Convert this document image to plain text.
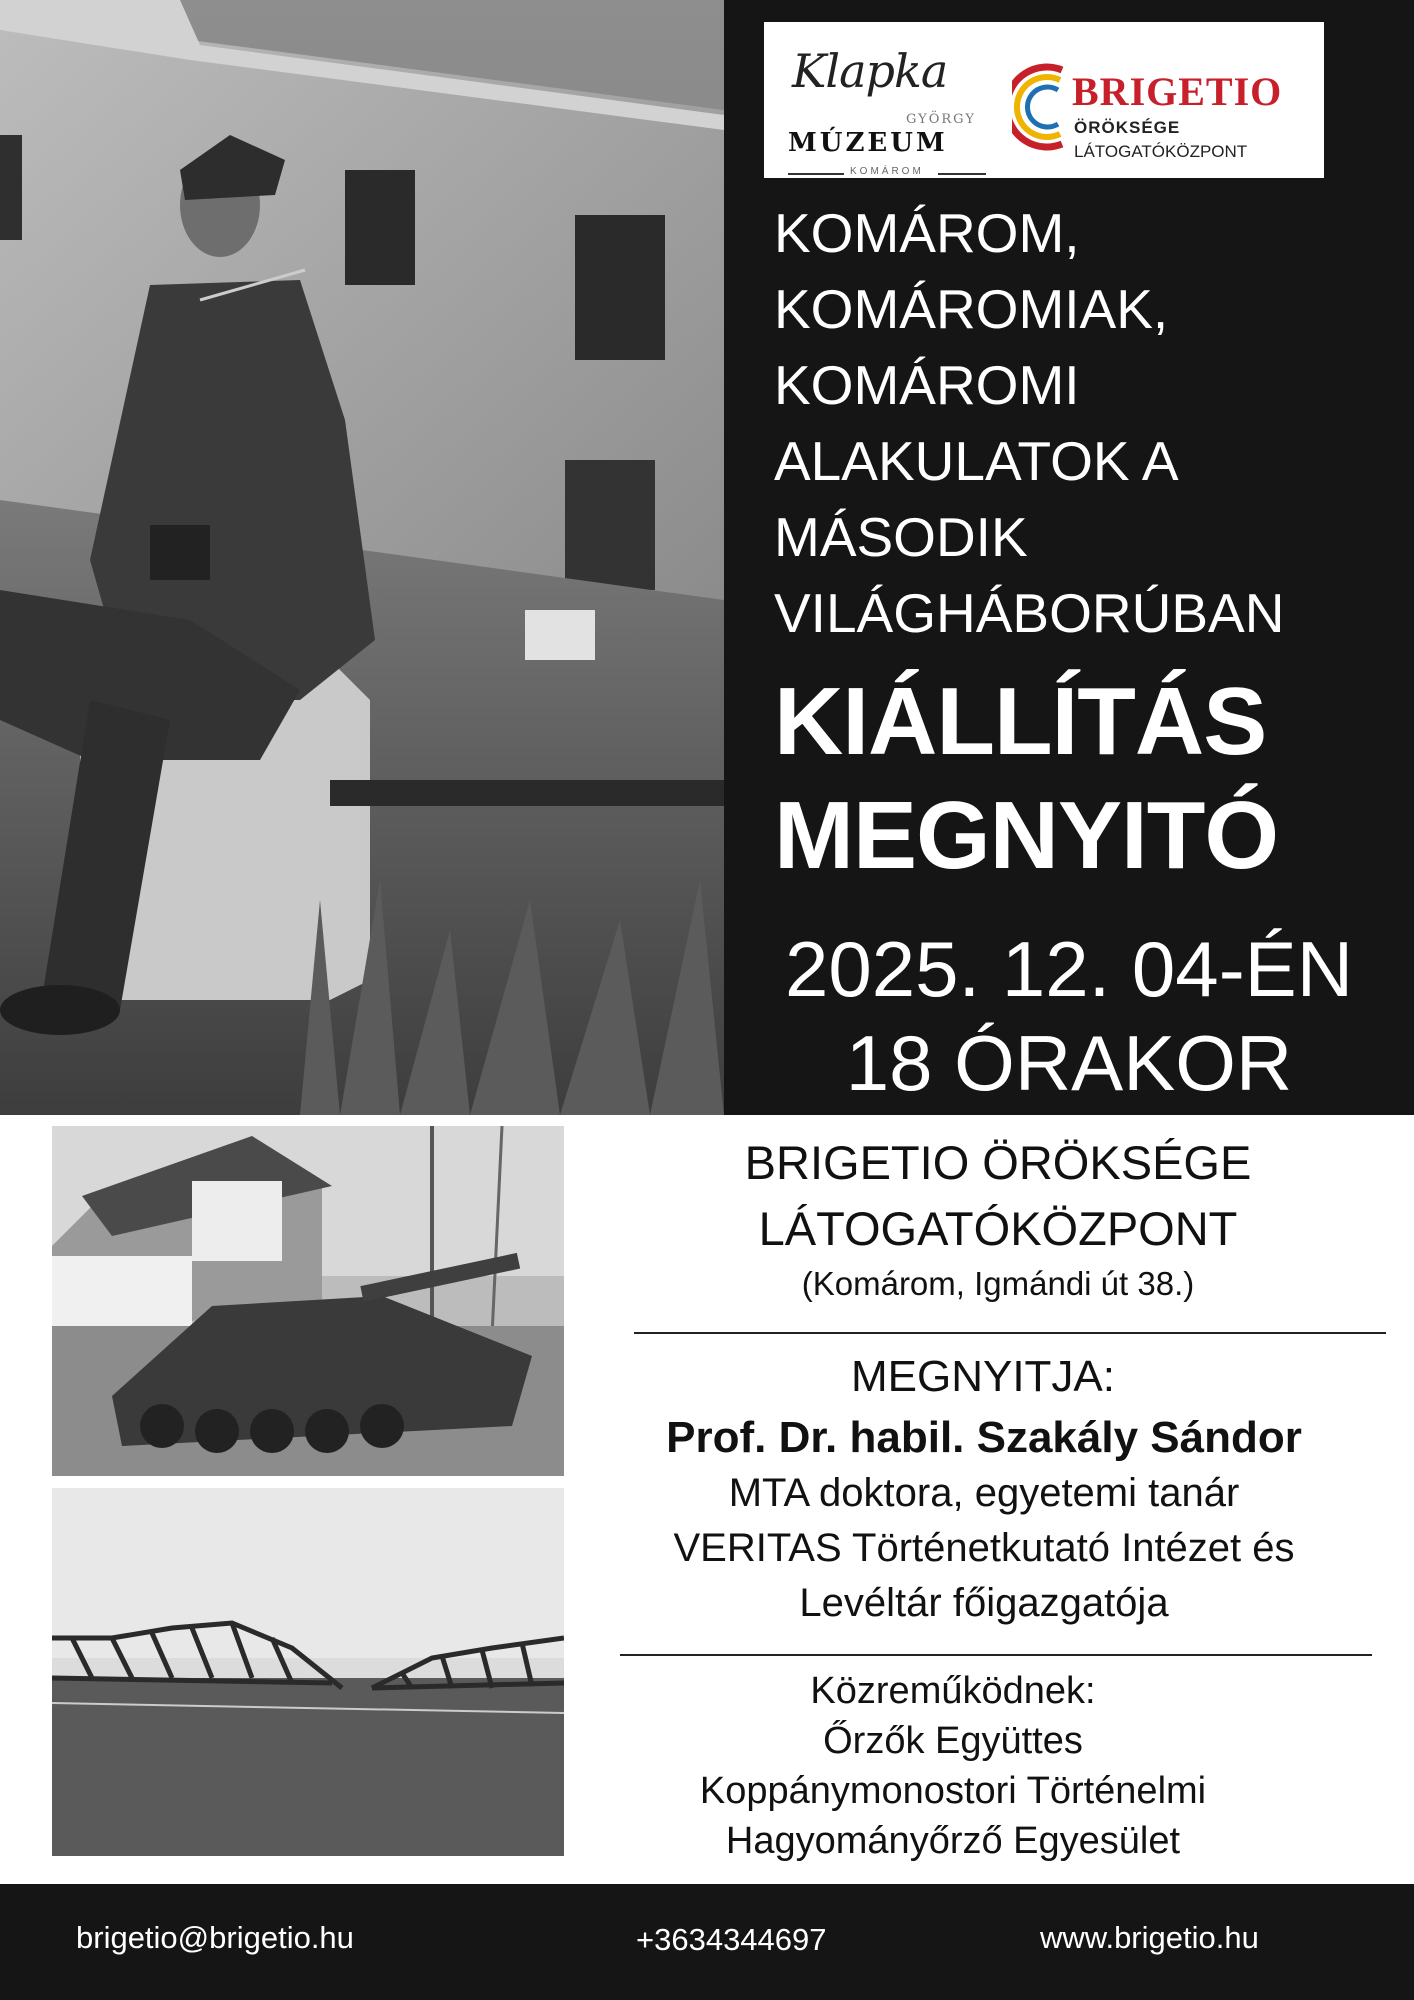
Klapka
GYÖRGY
MÚZEUM
KOMÁROM
BRIGETIO
ÖRÖKSÉGE
LÁTOGATÓKÖZPONT
KOMÁROM,
KOMÁROMIAK,
KOMÁROMI
ALAKULATOK A
MÁSODIK
VILÁGHÁBORÚBAN
KIÁLLÍTÁS
MEGNYITÓ
2025. 12. 04-ÉN
18 ÓRAKOR
BRIGETIO ÖRÖKSÉGE
LÁTOGATÓKÖZPONT
(Komárom, Igmándi út 38.)
MEGNYITJA:
Prof. Dr. habil. Szakály Sándor
MTA doktora, egyetemi tanár
VERITAS Történetkutató Intézet és
Levéltár főigazgatója
Közreműködnek:
Őrzők Együttes
Koppánymonostori Történelmi
Hagyományőrző Egyesület
brigetio@brigetio.hu	+3634344697	www.brigetio.hu
